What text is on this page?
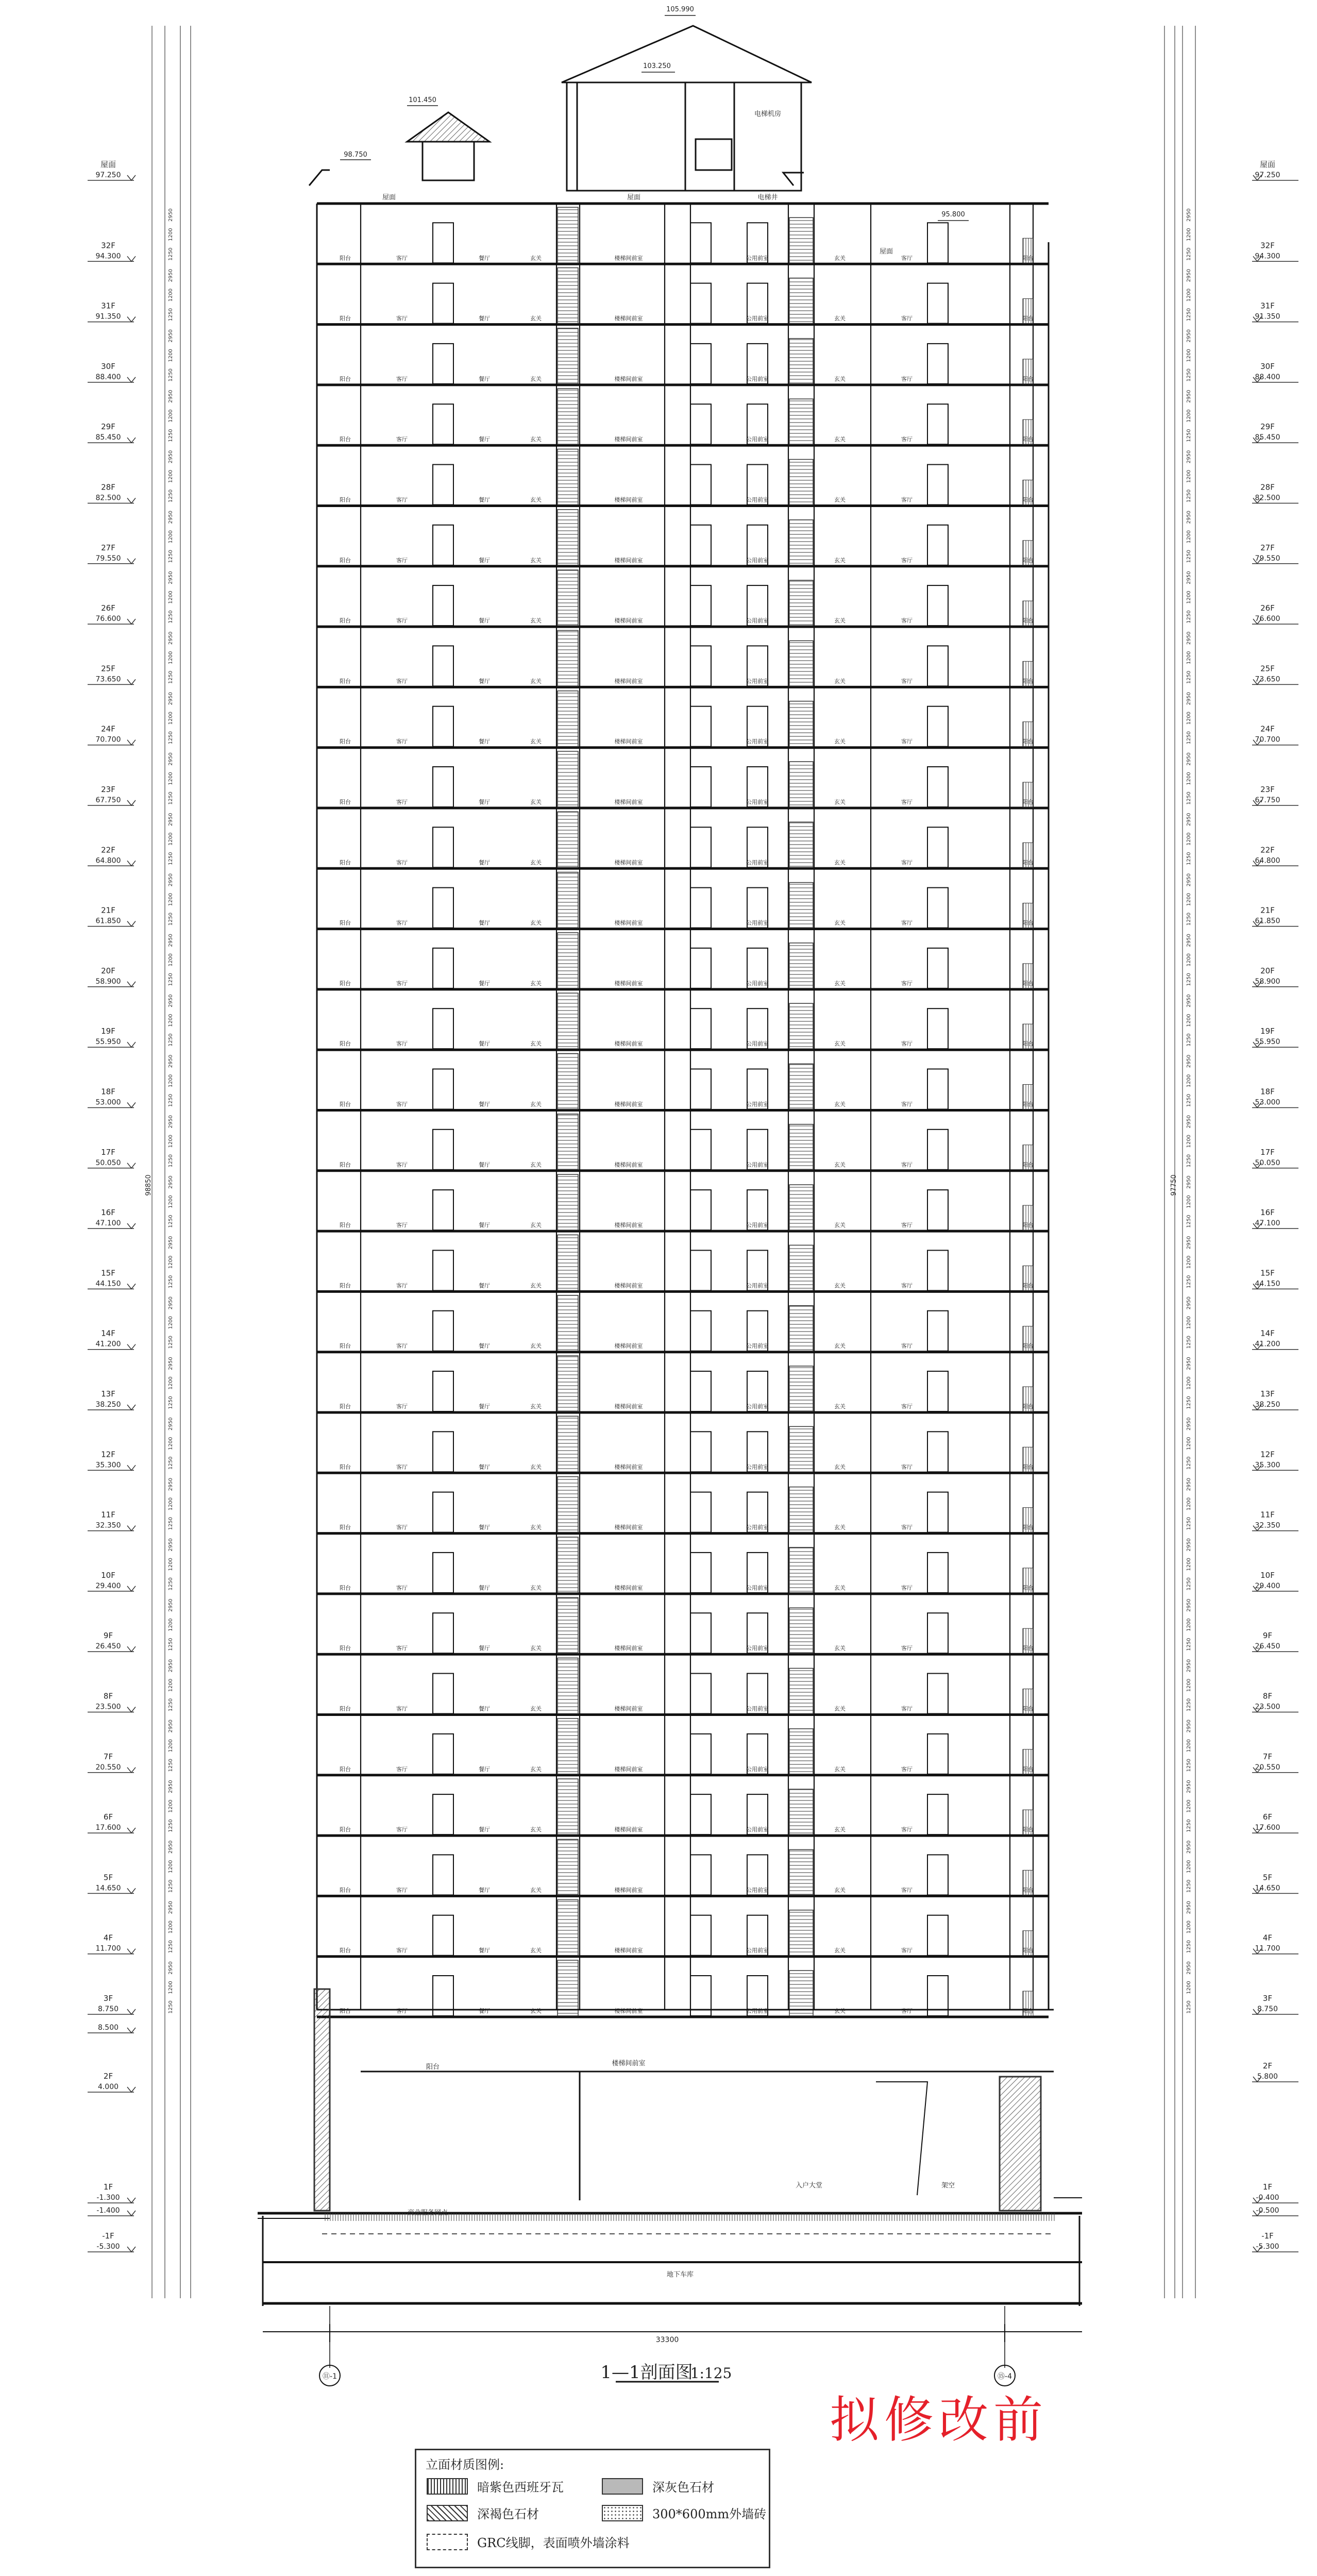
阳台	客厅	餐厅	玄关	楼梯间前室	公用前室	玄关	客厅	阳台
阳台	客厅	餐厅	玄关	楼梯间前室	公用前室	玄关	客厅	阳台
阳台	客厅	餐厅	玄关	楼梯间前室	公用前室	玄关	客厅	阳台
阳台	客厅	餐厅	玄关	楼梯间前室	公用前室	玄关	客厅	阳台
阳台	客厅	餐厅	玄关	楼梯间前室	公用前室	玄关	客厅	阳台
阳台	客厅	餐厅	玄关	楼梯间前室	公用前室	玄关	客厅	阳台
阳台	客厅	餐厅	玄关	楼梯间前室	公用前室	玄关	客厅	阳台
阳台	客厅	餐厅	玄关	楼梯间前室	公用前室	玄关	客厅	阳台
阳台	客厅	餐厅	玄关	楼梯间前室	公用前室	玄关	客厅	阳台
阳台	客厅	餐厅	玄关	楼梯间前室	公用前室	玄关	客厅	阳台
阳台	客厅	餐厅	玄关	楼梯间前室	公用前室	玄关	客厅	阳台
阳台	客厅	餐厅	玄关	楼梯间前室	公用前室	玄关	客厅	阳台
阳台	客厅	餐厅	玄关	楼梯间前室	公用前室	玄关	客厅	阳台
阳台	客厅	餐厅	玄关	楼梯间前室	公用前室	玄关	客厅	阳台
阳台	客厅	餐厅	玄关	楼梯间前室	公用前室	玄关	客厅	阳台
阳台	客厅	餐厅	玄关	楼梯间前室	公用前室	玄关	客厅	阳台
阳台	客厅	餐厅	玄关	楼梯间前室	公用前室	玄关	客厅	阳台
阳台	客厅	餐厅	玄关	楼梯间前室	公用前室	玄关	客厅	阳台
阳台	客厅	餐厅	玄关	楼梯间前室	公用前室	玄关	客厅	阳台
阳台	客厅	餐厅	玄关	楼梯间前室	公用前室	玄关	客厅	阳台
阳台	客厅	餐厅	玄关	楼梯间前室	公用前室	玄关	客厅	阳台
阳台	客厅	餐厅	玄关	楼梯间前室	公用前室	玄关	客厅	阳台
阳台	客厅	餐厅	玄关	楼梯间前室	公用前室	玄关	客厅	阳台
阳台	客厅	餐厅	玄关	楼梯间前室	公用前室	玄关	客厅	阳台
阳台	客厅	餐厅	玄关	楼梯间前室	公用前室	玄关	客厅	阳台
阳台	客厅	餐厅	玄关	楼梯间前室	公用前室	玄关	客厅	阳台
阳台	客厅	餐厅	玄关	楼梯间前室	公用前室	玄关	客厅	阳台
阳台	客厅	餐厅	玄关	楼梯间前室	公用前室	玄关	客厅	阳台
阳台	客厅	餐厅	玄关	楼梯间前室	公用前室	玄关	客厅	阳台
阳台	客厅	餐厅	玄关	楼梯间前室	公用前室	玄关	客厅	阳台
商业服务网点
入户大堂	架空
地下车库
阳台	楼梯间前室
105.990
103.250
101.450
98.750
电梯机房
电梯井
屋面	屋面
屋面
95.800
屋面
97.250
32F
94.300
31F
91.350
30F
88.400
29F
85.450
28F
82.500
27F
79.550
26F
76.600
25F
73.650
24F
70.700
23F
67.750
22F
64.800
21F
61.850
20F
58.900
19F
55.950
18F
53.000
17F
50.050
16F
47.100
15F
44.150
14F
41.200
13F
38.250
12F
35.300
11F
32.350
10F
29.400
9F
26.450
8F
23.500
7F
20.550
6F
17.600
5F
14.650
4F
11.700
3F
8.750
8.500
2F
4.000
1F
-1.300
-1.400
-1F
-5.300
屋面
97.250
32F
94.300
31F
91.350
30F
88.400
29F
85.450
28F
82.500
27F
79.550
26F
76.600
25F
73.650
24F
70.700
23F
67.750
22F
64.800
21F
61.850
20F
58.900
19F
55.950
18F
53.000
17F
50.050
16F
47.100
15F
44.150
14F
41.200
13F
38.250
12F
35.300
11F
32.350
10F
29.400
9F
26.450
8F
23.500
7F
20.550
6F
17.600
5F
14.650
4F
11.700
3F
8.750
2F
5.800
1F
-0.400
-0.500
-1F
-5.300
2950	2950
1200	1200
1250	1250
2950	2950
1200	1200
1250	1250
2950	2950
1200	1200
1250	1250
2950	2950
1200	1200
1250	1250
2950	2950
1200	1200
1250	1250
2950	2950
1200	1200
1250	1250
2950	2950
1200	1200
1250	1250
2950	2950
1200	1200
1250	1250
2950	2950
1200	1200
1250	1250
2950	2950
1200	1200
1250	1250
2950	2950
1200	1200
1250	1250
2950	2950
1200	1200
1250	1250
2950	2950
1200	1200
1250	1250
2950	2950
1200	1200
1250	1250
2950	2950
1200	1200
1250	1250
2950	2950
1200	1200
1250	1250
2950	2950
1200	1200
1250	1250
2950	2950
1200	1200
1250	1250
2950	2950
1200	1200
1250	1250
2950	2950
1200	1200
1250	1250
2950	2950
1200	1200
1250	1250
2950	2950
1200	1200
1250	1250
2950	2950
1200	1200
1250	1250
2950	2950
1200	1200
1250	1250
2950	2950
1200	1200
1250	1250
2950	2950
1200	1200
1250	1250
2950	2950
1200	1200
1250	1250
2950	2950
1200	1200
1250	1250
2950	2950
1200	1200
1250	1250
2950	2950
1200	1200
1250	1250
33300
⑪-1	⑮-4
1—1剖面图
1:125
98850	97750
拟修改前
立面材质图例:
暗紫色西班牙瓦	深灰色石材
深褐色石材	300*600mm外墙砖
GRC线脚，表面喷外墙涂料
